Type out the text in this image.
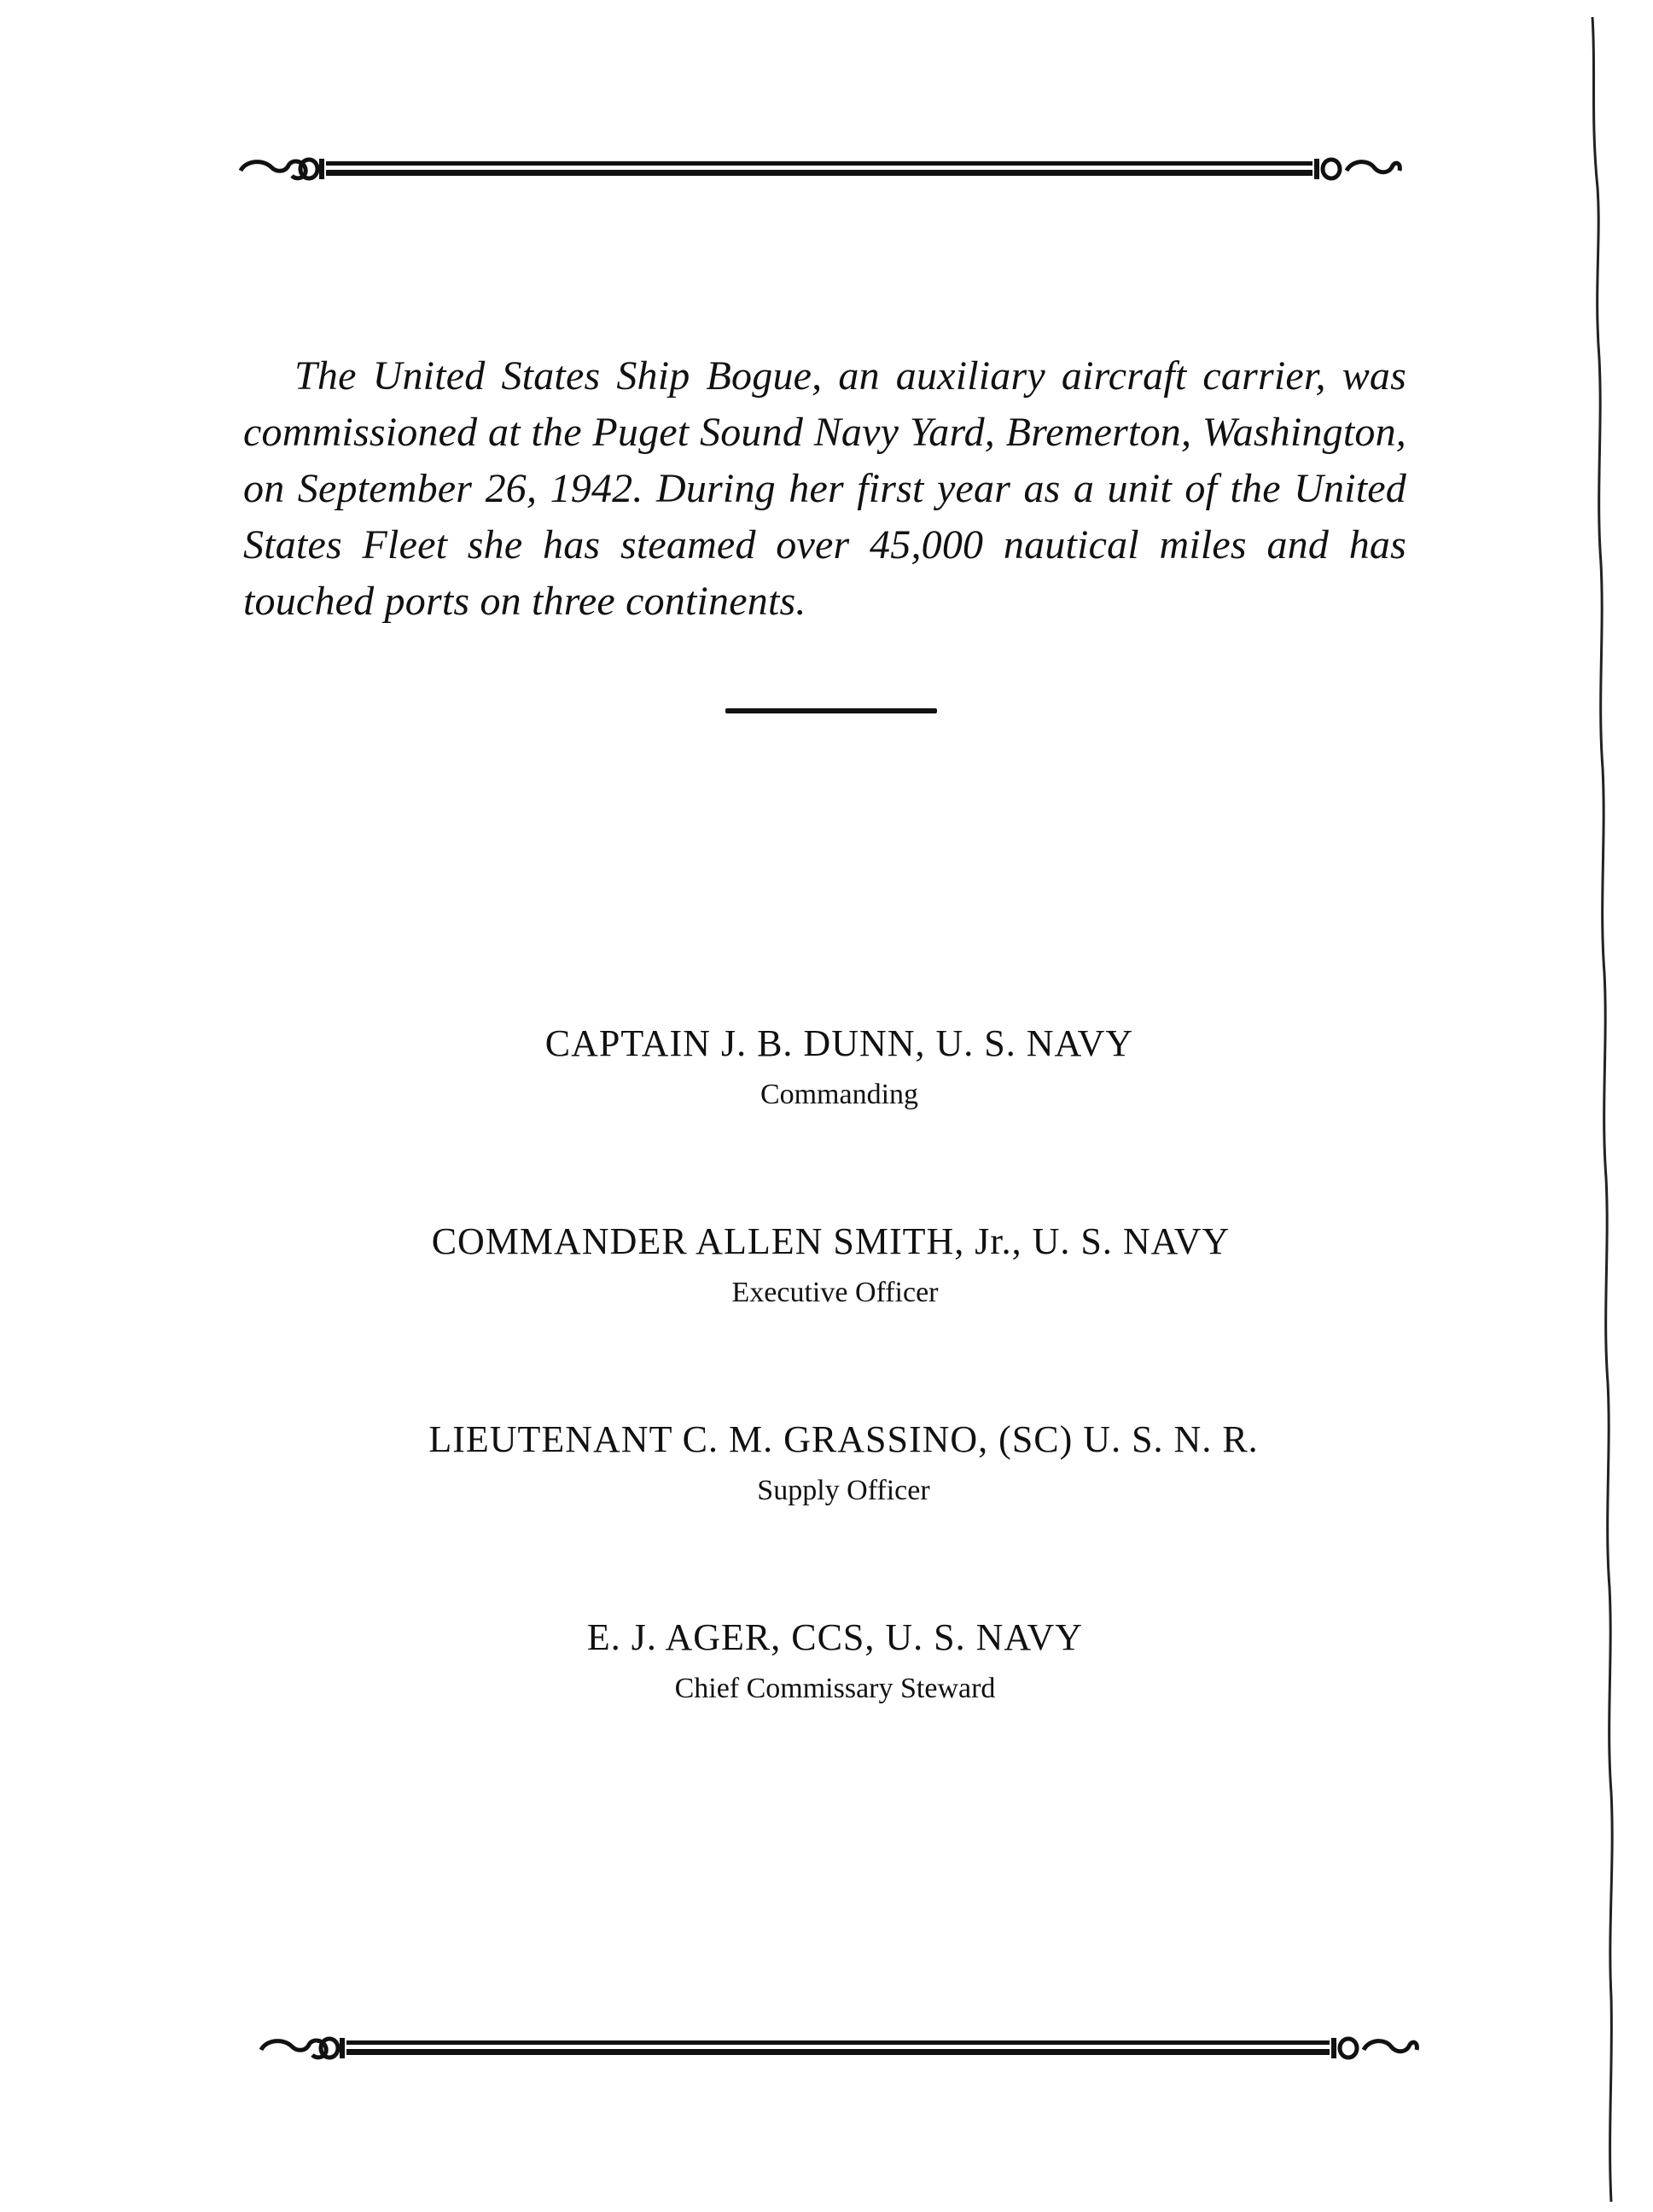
The United States Ship Bogue, an auxiliary aircraft carrier, was commissioned at the Puget Sound Navy Yard, Bremerton, Washington, on September 26, 1942. During her first year as a unit of the United States Fleet she has steamed over 45,000 nautical miles and has touched ports on three continents.

CAPTAIN J. B. DUNN, U. S. NAVY
Commanding
COMMANDER ALLEN SMITH, Jr., U. S. NAVY
Executive Officer
LIEUTENANT C. M. GRASSINO, (SC) U. S. N. R.
Supply Officer
E. J. AGER, CCS, U. S. NAVY
Chief Commissary Steward
